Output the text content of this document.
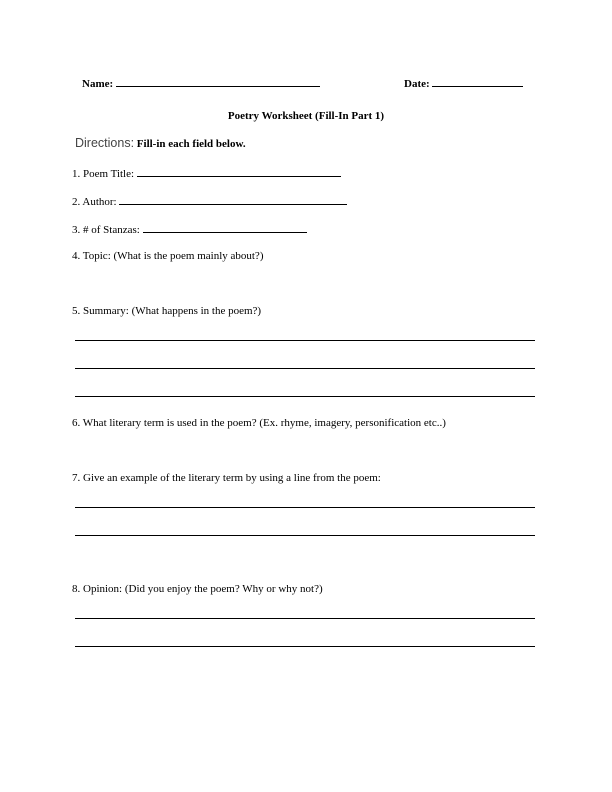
Name:	Date:
Poetry Worksheet (Fill-In Part 1)
Directions: Fill-in each field below.
1. Poem Title:
2. Author:
3. # of Stanzas:
4. Topic: (What is the poem mainly about?)
5. Summary: (What happens in the poem?)
6. What literary term is used in the poem? (Ex. rhyme, imagery, personification etc..)
7. Give an example of the literary term by using a line from the poem:
8. Opinion: (Did you enjoy the poem? Why or why not?)
